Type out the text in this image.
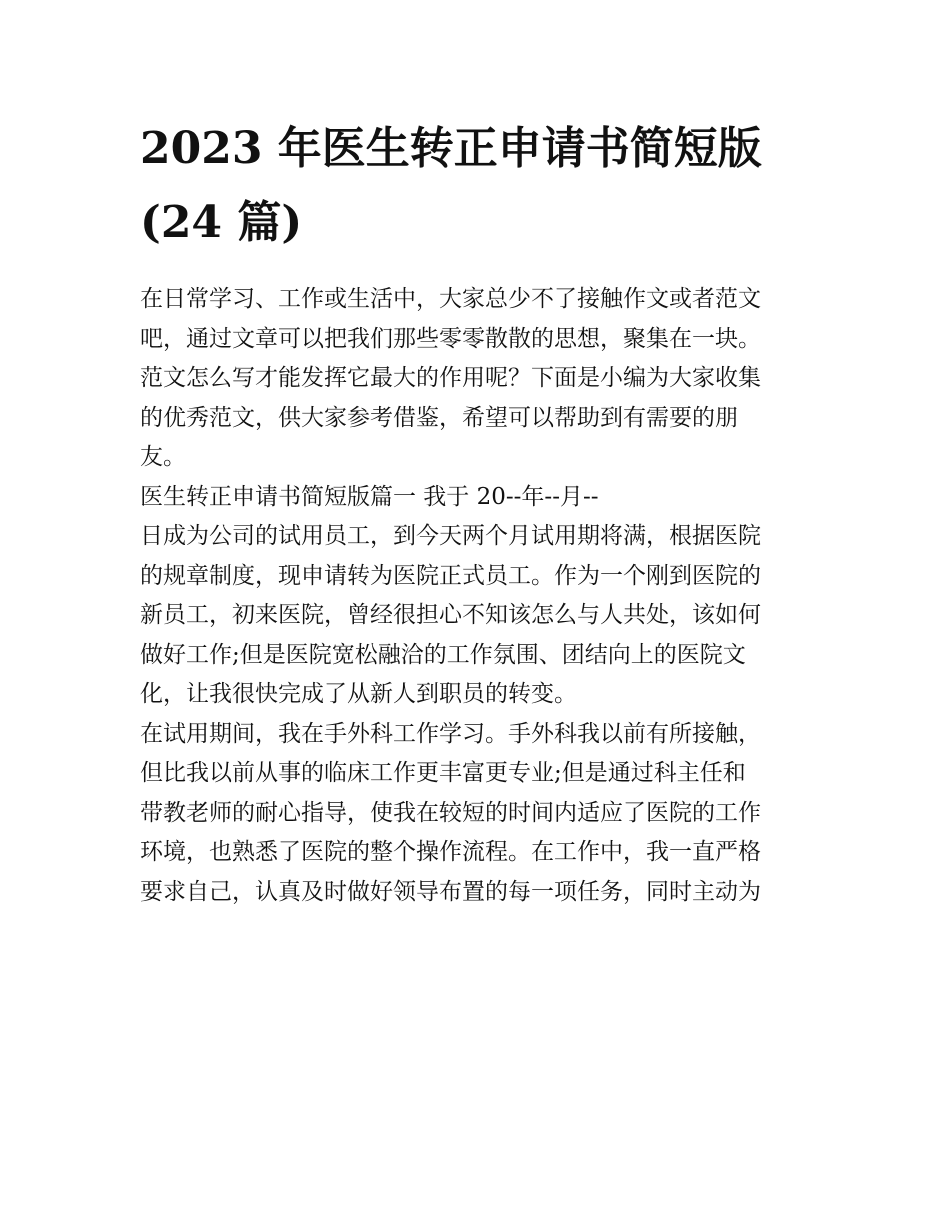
2023 年医生转正申请书简短版
(24 篇)

在日常学习、工作或生活中，大家总少不了接触作文或者范文
吧，通过文章可以把我们那些零零散散的思想，聚集在一块。
范文怎么写才能发挥它最大的作用呢？下面是小编为大家收集
的优秀范文，供大家参考借鉴，希望可以帮助到有需要的朋
友。

医生转正申请书简短版篇一 我于 20--年--月--
日成为公司的试用员工，到今天两个月试用期将满，根据医院
的规章制度，现申请转为医院正式员工。作为一个刚到医院的
新员工，初来医院，曾经很担心不知该怎么与人共处，该如何
做好工作;但是医院宽松融洽的工作氛围、团结向上的医院文
化，让我很快完成了从新人到职员的转变。

在试用期间，我在手外科工作学习。手外科我以前有所接触，
但比我以前从事的临床工作更丰富更专业;但是通过科主任和
带教老师的耐心指导，使我在较短的时间内适应了医院的工作
环境，也熟悉了医院的整个操作流程。在工作中，我一直严格
要求自己，认真及时做好领导布置的每一项任务，同时主动为
